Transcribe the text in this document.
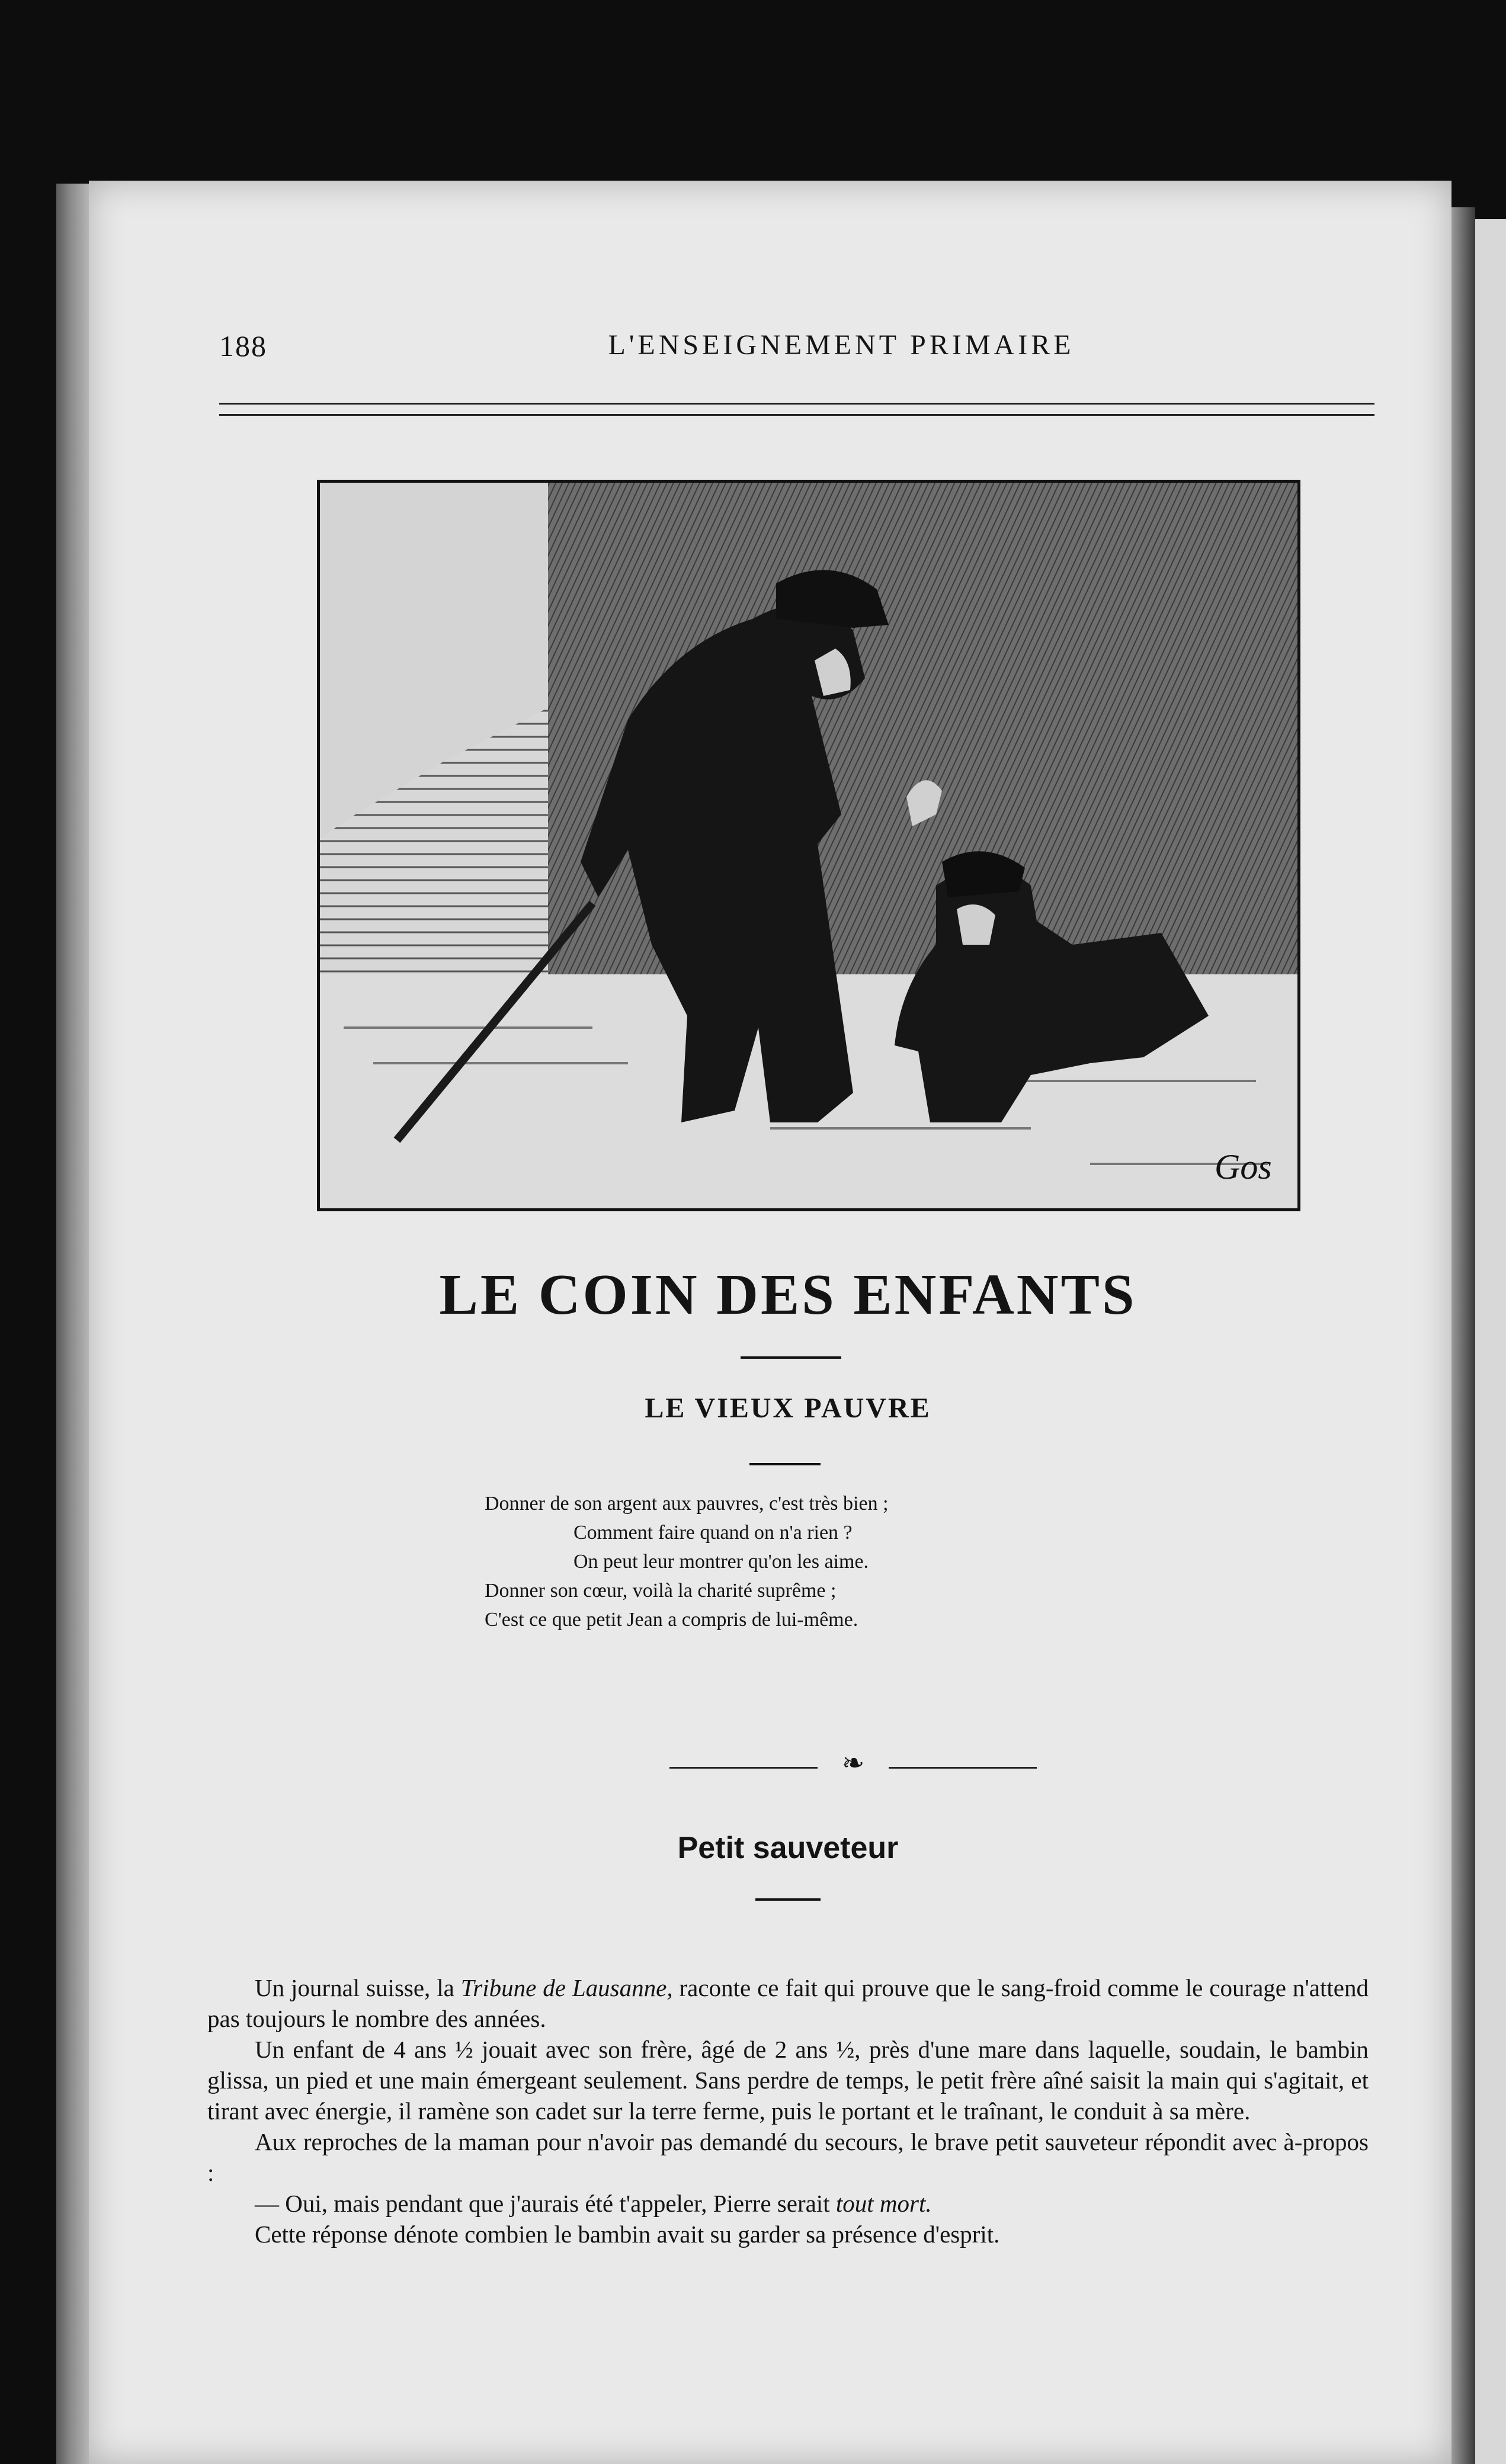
188	L'ENSEIGNEMENT PRIMAIRE
Gos
LE COIN DES ENFANTS
LE VIEUX PAUVRE
Donner de son argent aux pauvres, c'est très bien ;
Comment faire quand on n'a rien ?
On peut leur montrer qu'on les aime.
Donner son cœur, voilà la charité suprême ;
C'est ce que petit Jean a compris de lui-même.
❧
Petit sauveteur

Un journal suisse, la Tribune de Lausanne, raconte ce fait qui prouve que le sang-froid comme le courage n'attend pas toujours le nombre des années.

Un enfant de 4 ans ½ jouait avec son frère, âgé de 2 ans ½, près d'une mare dans laquelle, soudain, le bambin glissa, un pied et une main émergeant seulement. Sans perdre de temps, le petit frère aîné saisit la main qui s'agitait, et tirant avec énergie, il ramène son cadet sur la terre ferme, puis le portant et le traînant, le conduit à sa mère.

Aux reproches de la maman pour n'avoir pas demandé du secours, le brave petit sauveteur répondit avec à-propos :

— Oui, mais pendant que j'aurais été t'appeler, Pierre serait tout mort.

Cette réponse dénote combien le bambin avait su garder sa présence d'esprit.
